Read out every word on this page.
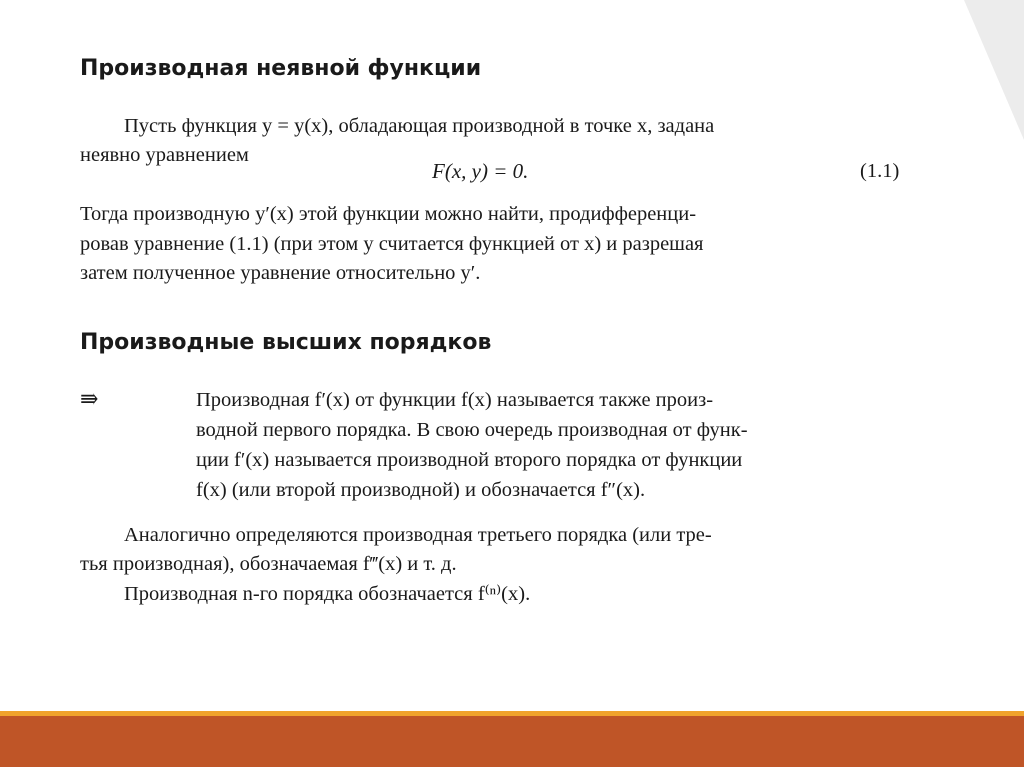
Производная неявной функции
Пусть функция y = y(x), обладающая производной в точке x, задана
неявно уравнением
F(x, y) = 0.	(1.1)
Тогда производную y′(x) этой функции можно найти, продифференци-
ровав уравнение (1.1) (при этом y считается функцией от x) и разрешая
затем полученное уравнение относительно y′.
Производные высших порядков
⇛	Производная f′(x) от функции f(x) называется также произ-
водной первого порядка. В свою очередь производная от функ-
ции f′(x) называется производной второго порядка от функции
f(x) (или второй производной) и обозначается f″(x).
Аналогично определяются производная третьего порядка (или тре-
тья производная), обозначаемая f‴(x) и т. д.
Производная n-го порядка обозначается f⁽ⁿ⁾(x).
